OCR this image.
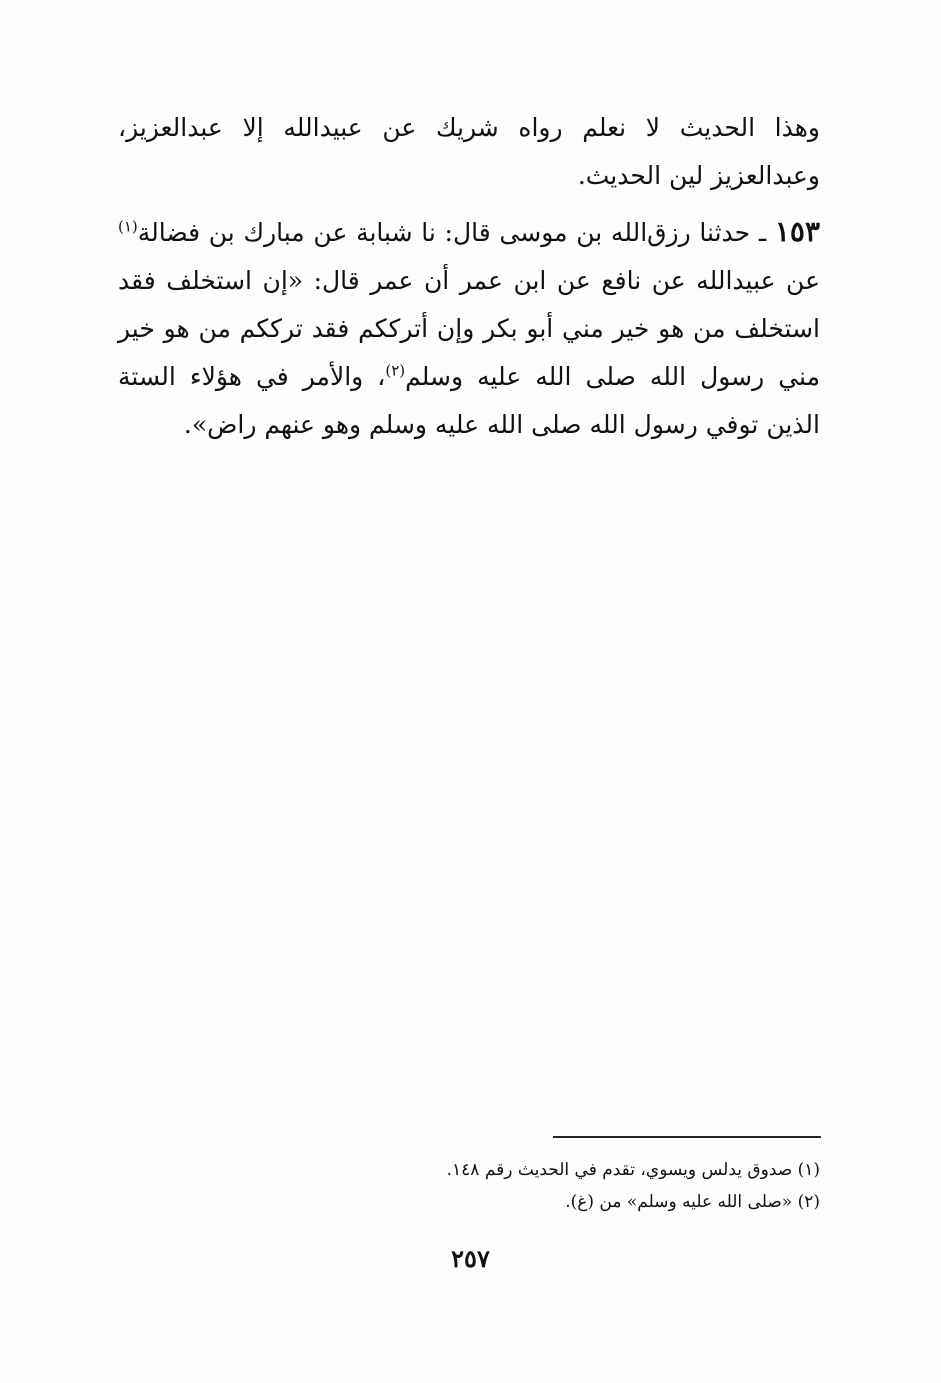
وهذا الحديث لا نعلم رواه شريك عن عبيدالله إلا عبدالعزيز، وعبدالعزيز لين الحديث.

١٥٣ ـ حدثنا رزق‌الله بن موسى قال: نا شبابة عن مبارك بن فضالة$^{(١)}$ عن عبيدالله عن نافع عن ابن عمر أن عمر قال: «إن استخلف فقد استخلف من هو خير مني أبو بكر وإن أترككم فقد ترككم من هو خير مني رسول الله صلى الله عليه وسلم$^{(٢)}$، والأمر في هؤلاء الستة الذين توفي رسول الله صلى الله عليه وسلم وهو عنهم راض».

(١) صدوق يدلس ويسوي، تقدم في الحديث رقم ١٤٨.

(٢) «صلى الله عليه وسلم» من (غ).

٢٥٧
